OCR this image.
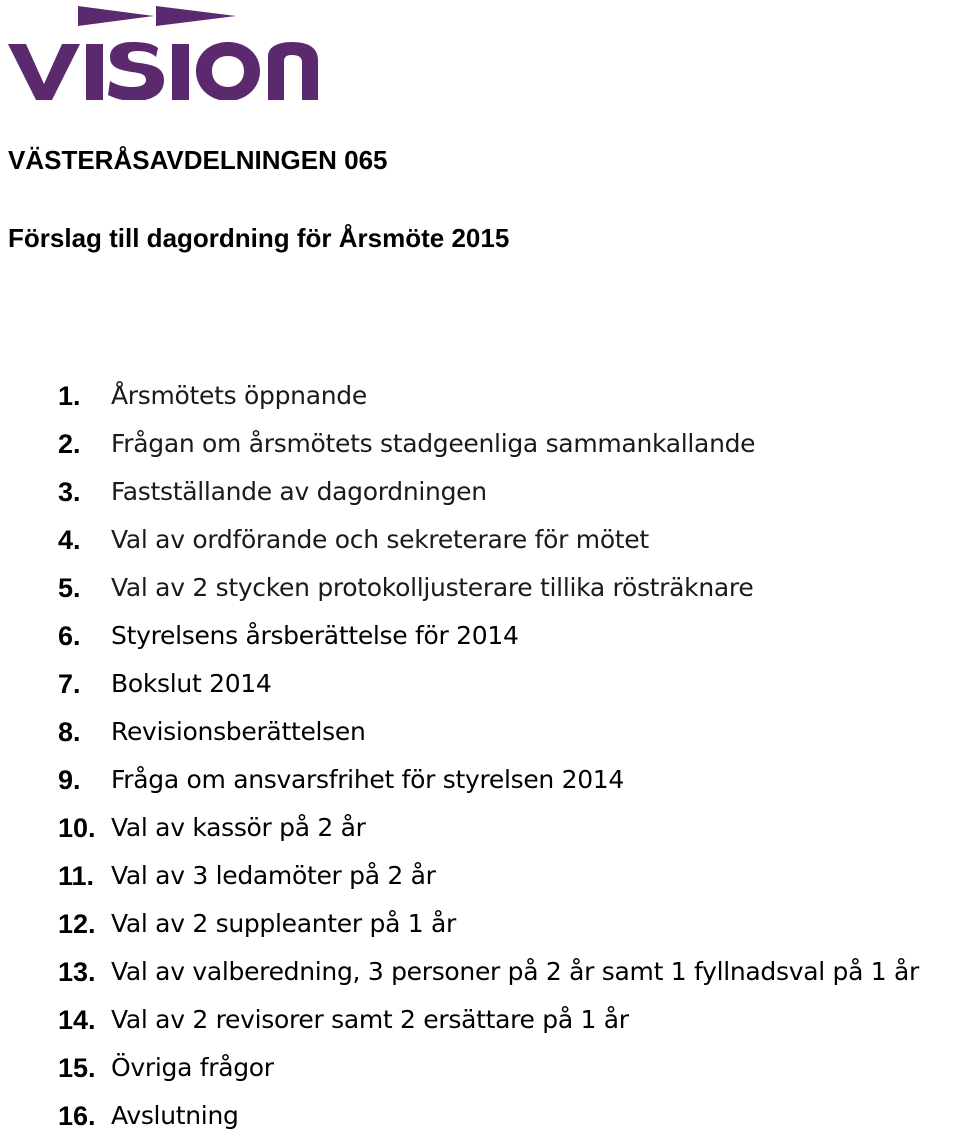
VÄSTERÅSAVDELNINGEN 065
Förslag till dagordning för Årsmöte 2015
1. Årsmötets öppnande
2. Frågan om årsmötets stadgeenliga sammankallande
3. Fastställande av dagordningen
4. Val av ordförande och sekreterare för mötet
5. Val av 2 stycken protokolljusterare tillika rösträknare
6. Styrelsens årsberättelse för 2014
7. Bokslut 2014
8. Revisionsberättelsen
9. Fråga om ansvarsfrihet för styrelsen 2014
10. Val av kassör på 2 år
11. Val av 3 ledamöter på 2 år
12. Val av 2 suppleanter på 1 år
13. Val av valberedning, 3 personer på 2 år samt 1 fyllnadsval på 1 år
14. Val av 2 revisorer samt 2 ersättare på 1 år
15. Övriga frågor
16. Avslutning
